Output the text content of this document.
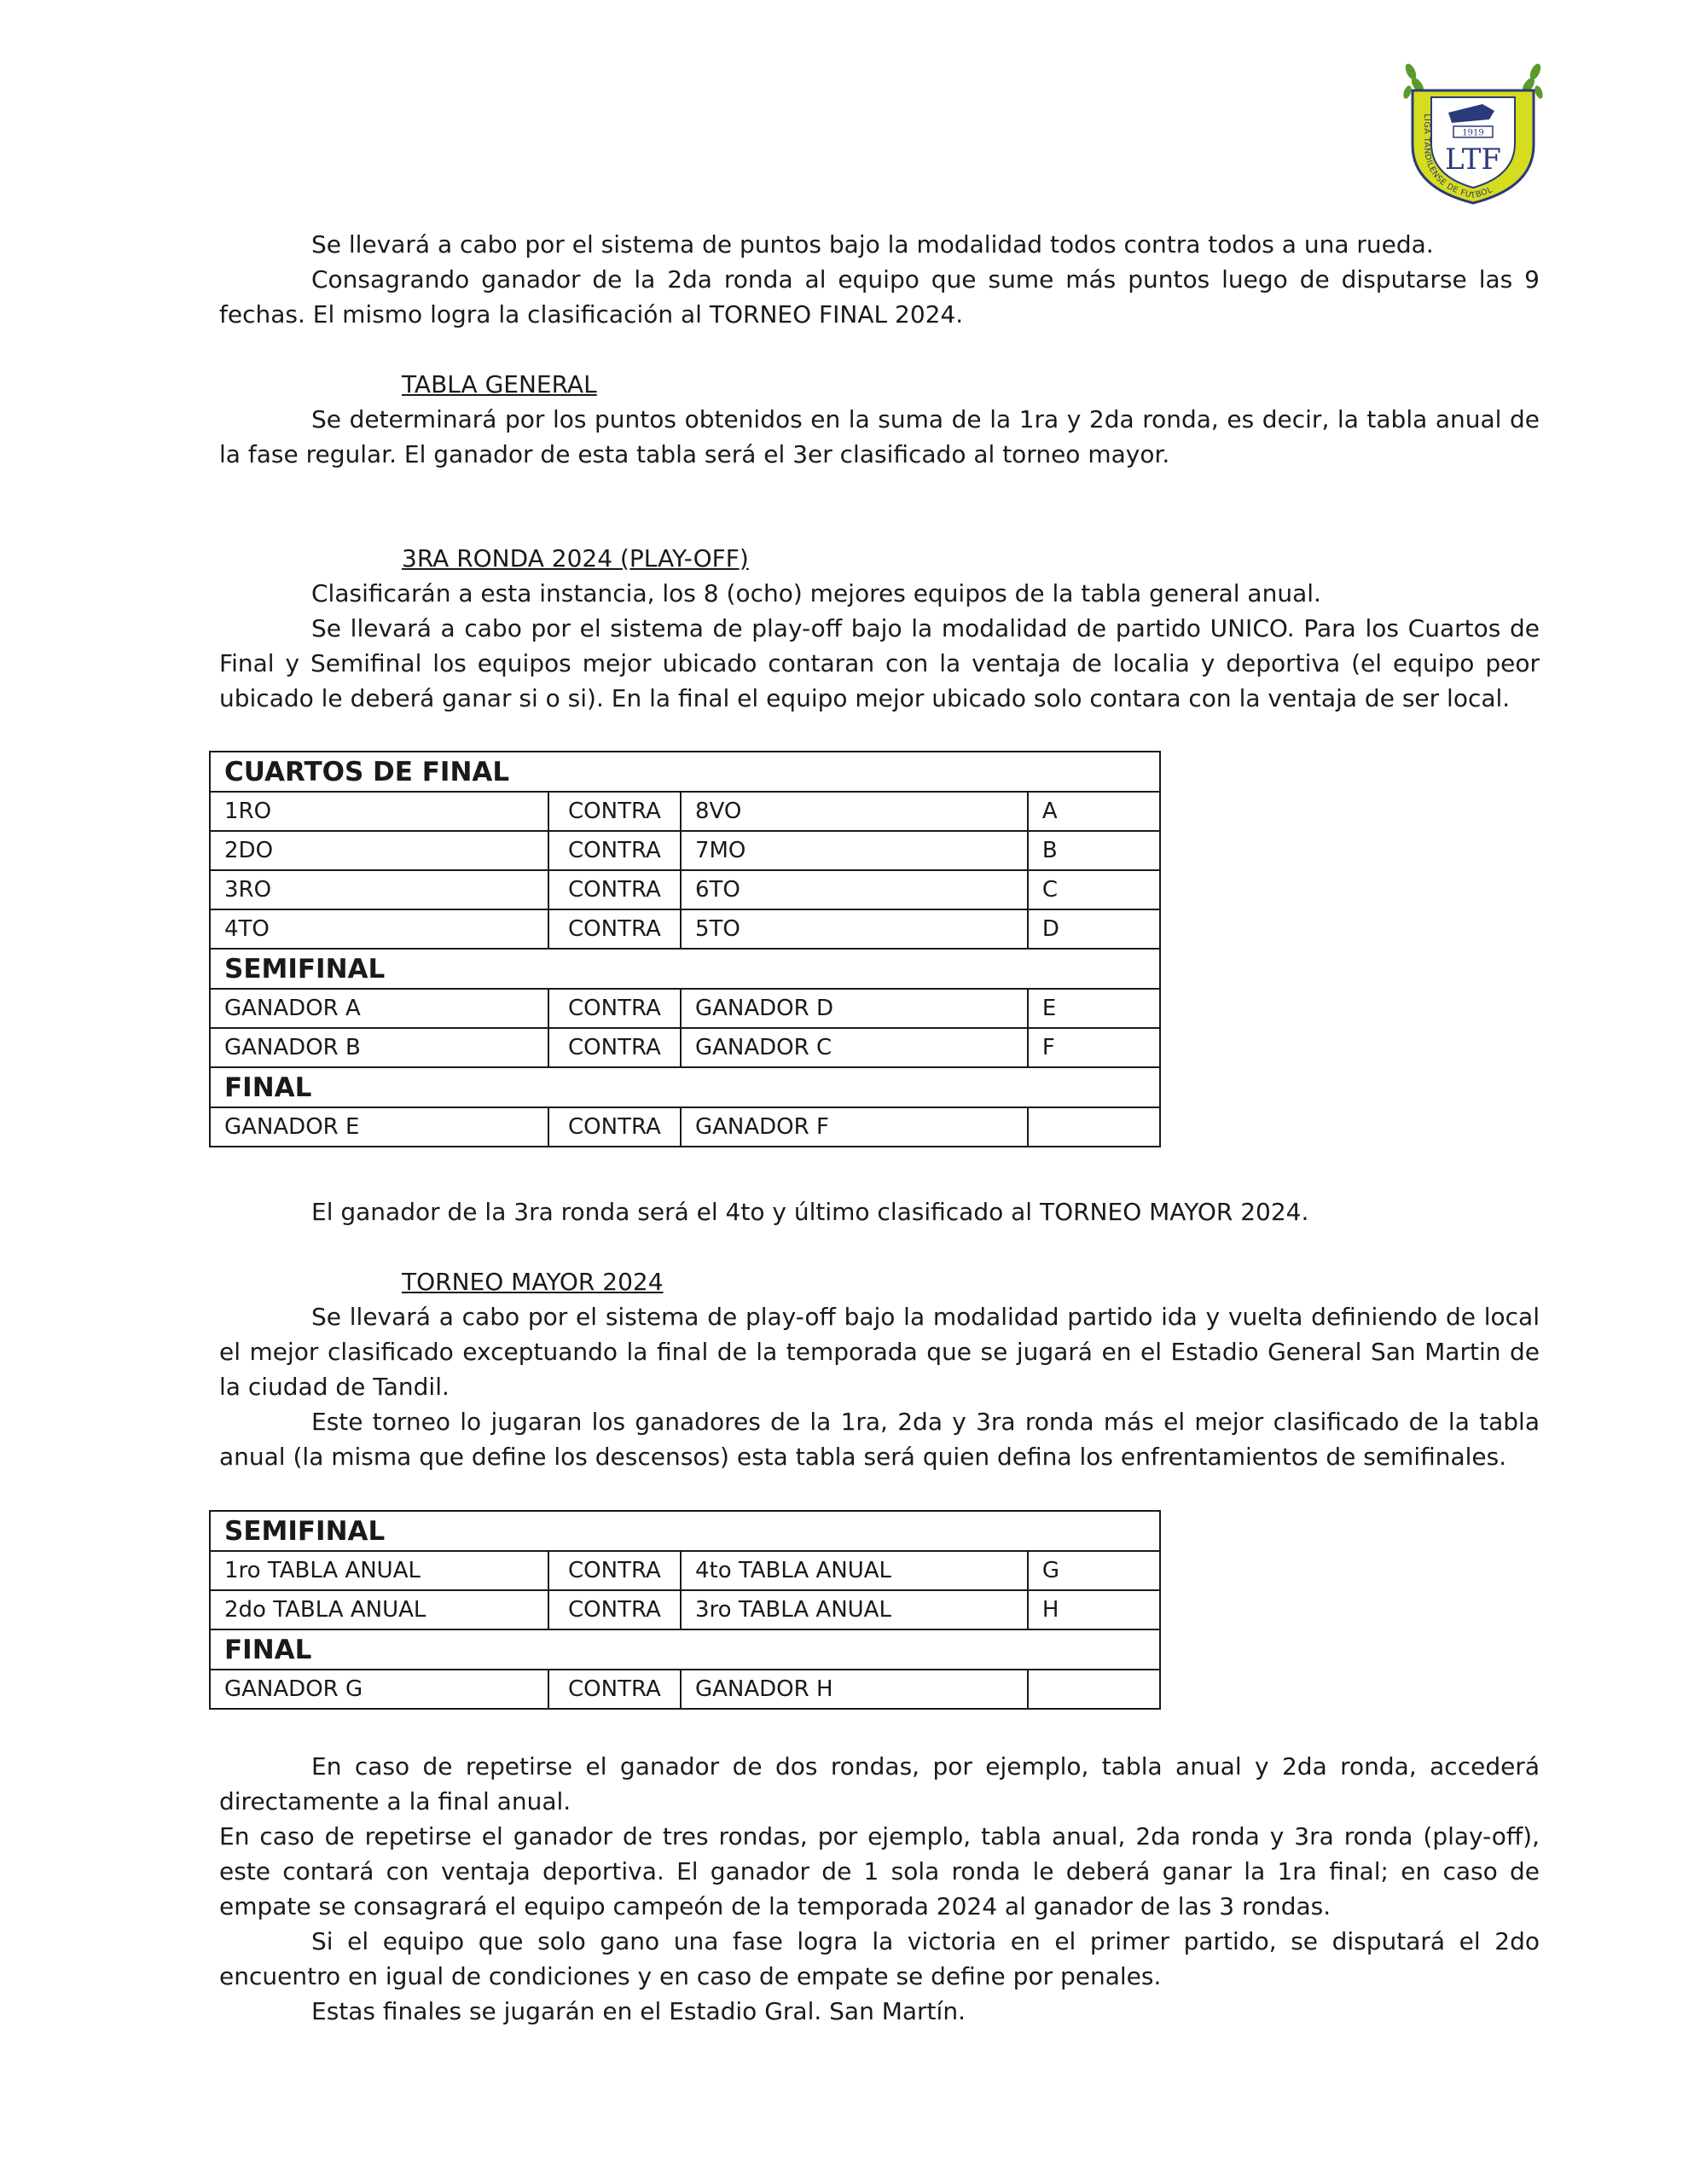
1919
LTF
LIGA TANDILENSE DE FUTBOL

Se llevará a cabo por el sistema de puntos bajo la modalidad todos contra todos a una rueda.

Consagrando ganador de la 2da ronda al equipo que sume más puntos luego de disputarse las 9 fechas. El mismo logra la clasificación al TORNEO FINAL 2024.

TABLA GENERAL

Se determinará por los puntos obtenidos en la suma de la 1ra y 2da ronda, es decir, la tabla anual de la fase regular. El ganador de esta tabla será el 3er clasificado al torneo mayor.

3RA RONDA 2024 (PLAY-OFF)

Clasificarán a esta instancia, los 8 (ocho) mejores equipos de la tabla general anual.

Se llevará a cabo por el sistema de play-off bajo la modalidad de partido UNICO. Para los Cuartos de Final y Semifinal los equipos mejor ubicado contaran con la ventaja de localia y deportiva (el equipo peor ubicado le deberá ganar si o si). En la final el equipo mejor ubicado solo contara con la ventaja de ser local.

CUARTOS DE FINAL			
1RO	CONTRA	8VO	A
2DO	CONTRA	7MO	B
3RO	CONTRA	6TO	C
4TO	CONTRA	5TO	D
SEMIFINAL			
GANADOR A	CONTRA	GANADOR D	E
GANADOR B	CONTRA	GANADOR C	F
FINAL			
GANADOR E	CONTRA	GANADOR F	

El ganador de la 3ra ronda será el 4to y último clasificado al TORNEO MAYOR 2024.

TORNEO MAYOR 2024

Se llevará a cabo por el sistema de play-off bajo la modalidad partido ida y vuelta definiendo de local el mejor clasificado exceptuando la final de la temporada que se jugará en el Estadio General San Martin de la ciudad de Tandil.

Este torneo lo jugaran los ganadores de la 1ra, 2da y 3ra ronda más el mejor clasificado de la tabla anual (la misma que define los descensos) esta tabla será quien defina los enfrentamientos de semifinales.

SEMIFINAL			
1ro TABLA ANUAL	CONTRA	4to TABLA ANUAL	G
2do TABLA ANUAL	CONTRA	3ro TABLA ANUAL	H
FINAL			
GANADOR G	CONTRA	GANADOR H	

En caso de repetirse el ganador de dos rondas, por ejemplo, tabla anual y 2da ronda, accederá directamente a la final anual.

En caso de repetirse el ganador de tres rondas, por ejemplo, tabla anual, 2da ronda y 3ra ronda (play-off), este contará con ventaja deportiva. El ganador de 1 sola ronda le deberá ganar la 1ra final; en caso de empate se consagrará el equipo campeón de la temporada 2024 al ganador de las 3 rondas.

Si el equipo que solo gano una fase logra la victoria en el primer partido, se disputará el 2do encuentro en igual de condiciones y en caso de empate se define por penales.

Estas finales se jugarán en el Estadio Gral. San Martín.
